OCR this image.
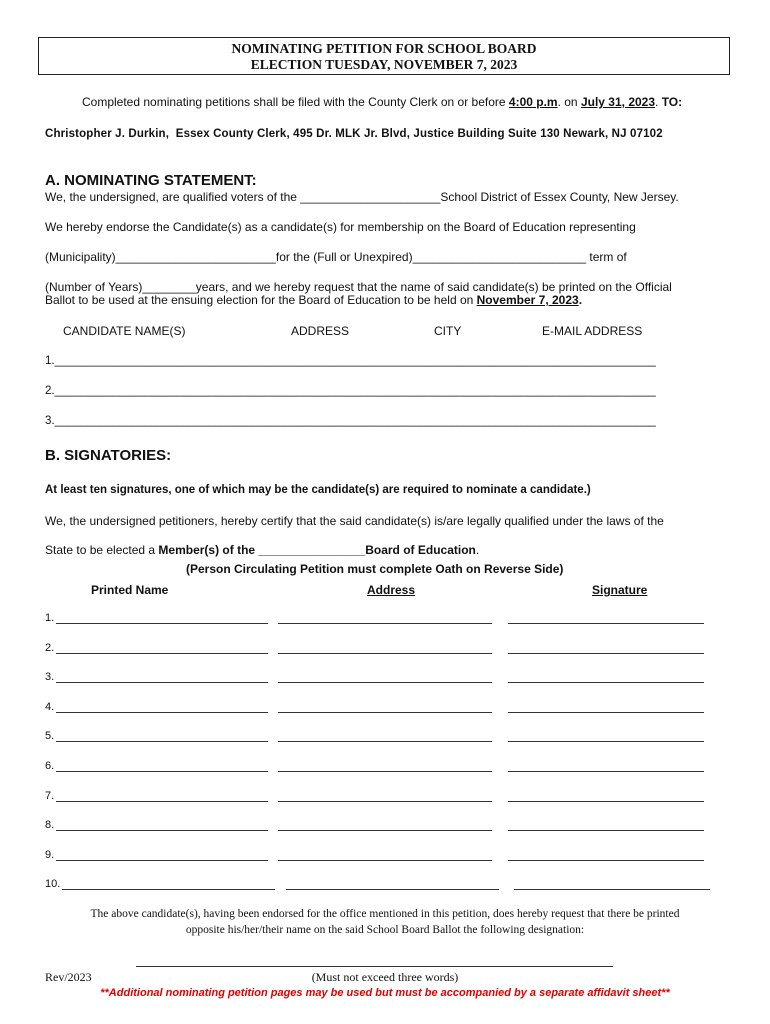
NOMINATING PETITION FOR SCHOOL BOARD
ELECTION TUESDAY, NOVEMBER 7, 2023
Completed nominating petitions shall be filed with the County Clerk on or before 4:00 p.m. on July 31, 2023. TO:
Christopher J. Durkin,  Essex County Clerk, 495 Dr. MLK Jr. Blvd, Justice Building Suite 130 Newark, NJ 07102
A. NOMINATING STATEMENT:
We, the undersigned, are qualified voters of the _____________________School District of Essex County, New Jersey.
We hereby endorse the Candidate(s) as a candidate(s) for membership on the Board of Education representing
(Municipality)________________________for the (Full or Unexpired)__________________________ term of
(Number of Years)________years, and we hereby request that the name of said candidate(s) be printed on the Official
Ballot to be used at the ensuing election for the Board of Education to be held on November 7, 2023.
CANDIDATE NAME(S)	ADDRESS	CITY	E-MAIL ADDRESS
1.______________________________________________________________________________________________
2.______________________________________________________________________________________________
3.______________________________________________________________________________________________
B. SIGNATORIES:
At least ten signatures, one of which may be the candidate(s) are required to nominate a candidate.)
We, the undersigned petitioners, hereby certify that the said candidate(s) is/are legally qualified under the laws of the
State to be elected a Member(s) of the ________________Board of Education.
(Person Circulating Petition must complete Oath on Reverse Side)
Printed Name	Address	Signature
1.
2.
3.
4.
5.
6.
7.
8.
9.
10.
The above candidate(s), having been endorsed for the office mentioned in this petition, does hereby request that there be printed
opposite his/her/their name on the said School Board Ballot the following designation:
Rev/2023	(Must not exceed three words)
**Additional nominating petition pages may be used but must be accompanied by a separate affidavit sheet**
